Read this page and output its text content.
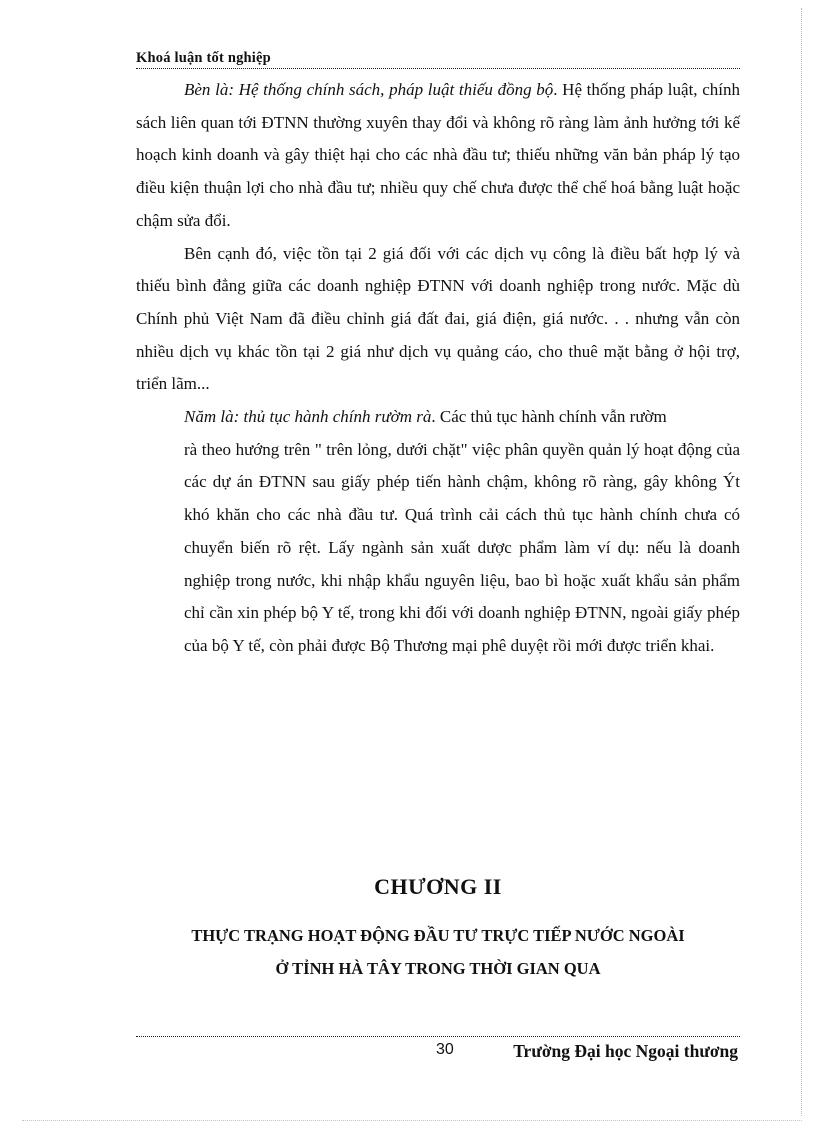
Khoá luận tốt nghiệp

Bèn là: Hệ thống chính sách, pháp luật thiếu đồng bộ. Hệ thống pháp luật, chính sách liên quan tới ĐTNN thường xuyên thay đổi và không rõ ràng làm ảnh hưởng tới kế hoạch kinh doanh và gây thiệt hại cho các nhà đầu tư; thiếu những văn bản pháp lý tạo điều kiện thuận lợi cho nhà đầu tư; nhiều quy chế chưa được thể chế hoá bằng luật hoặc chậm sửa đổi.

Bên cạnh đó, việc tồn tại 2 giá đối với các dịch vụ công là điều bất hợp lý và thiếu bình đẳng giữa các doanh nghiệp ĐTNN với doanh nghiệp trong nước. Mặc dù Chính phủ Việt Nam đã điều chỉnh giá đất đai, giá điện, giá nước. . . nhưng vẫn còn nhiều dịch vụ khác tồn tại 2 giá như dịch vụ quảng cáo, cho thuê mặt bằng ở hội trợ, triển lãm...

Năm là: thủ tục hành chính rườm rà. Các thủ tục hành chính vẫn rườm

rà theo hướng trên " trên lỏng, dưới chặt" việc phân quyền quản lý hoạt động của các dự án ĐTNN sau giấy phép tiến hành chậm, không rõ ràng, gây không Ýt khó khăn cho các nhà đầu tư. Quá trình cải cách thủ tục hành chính chưa có chuyển biến rõ rệt. Lấy ngành sản xuất dược phẩm làm ví dụ: nếu là doanh nghiệp trong nước, khi nhập khẩu nguyên liệu, bao bì hoặc xuất khẩu sản phẩm chỉ cần xin phép bộ Y tế, trong khi đối với doanh nghiệp ĐTNN, ngoài giấy phép của bộ Y tế, còn phải được Bộ Thương mại phê duyệt rồi mới được triển khai.

CHƯƠNG II
THỰC TRẠNG HOẠT ĐỘNG ĐẦU TƯ TRỰC TIẾP NƯỚC NGOÀI
Ở TỈNH HÀ TÂY TRONG THỜI GIAN QUA
30	Trường Đại học Ngoại thương
